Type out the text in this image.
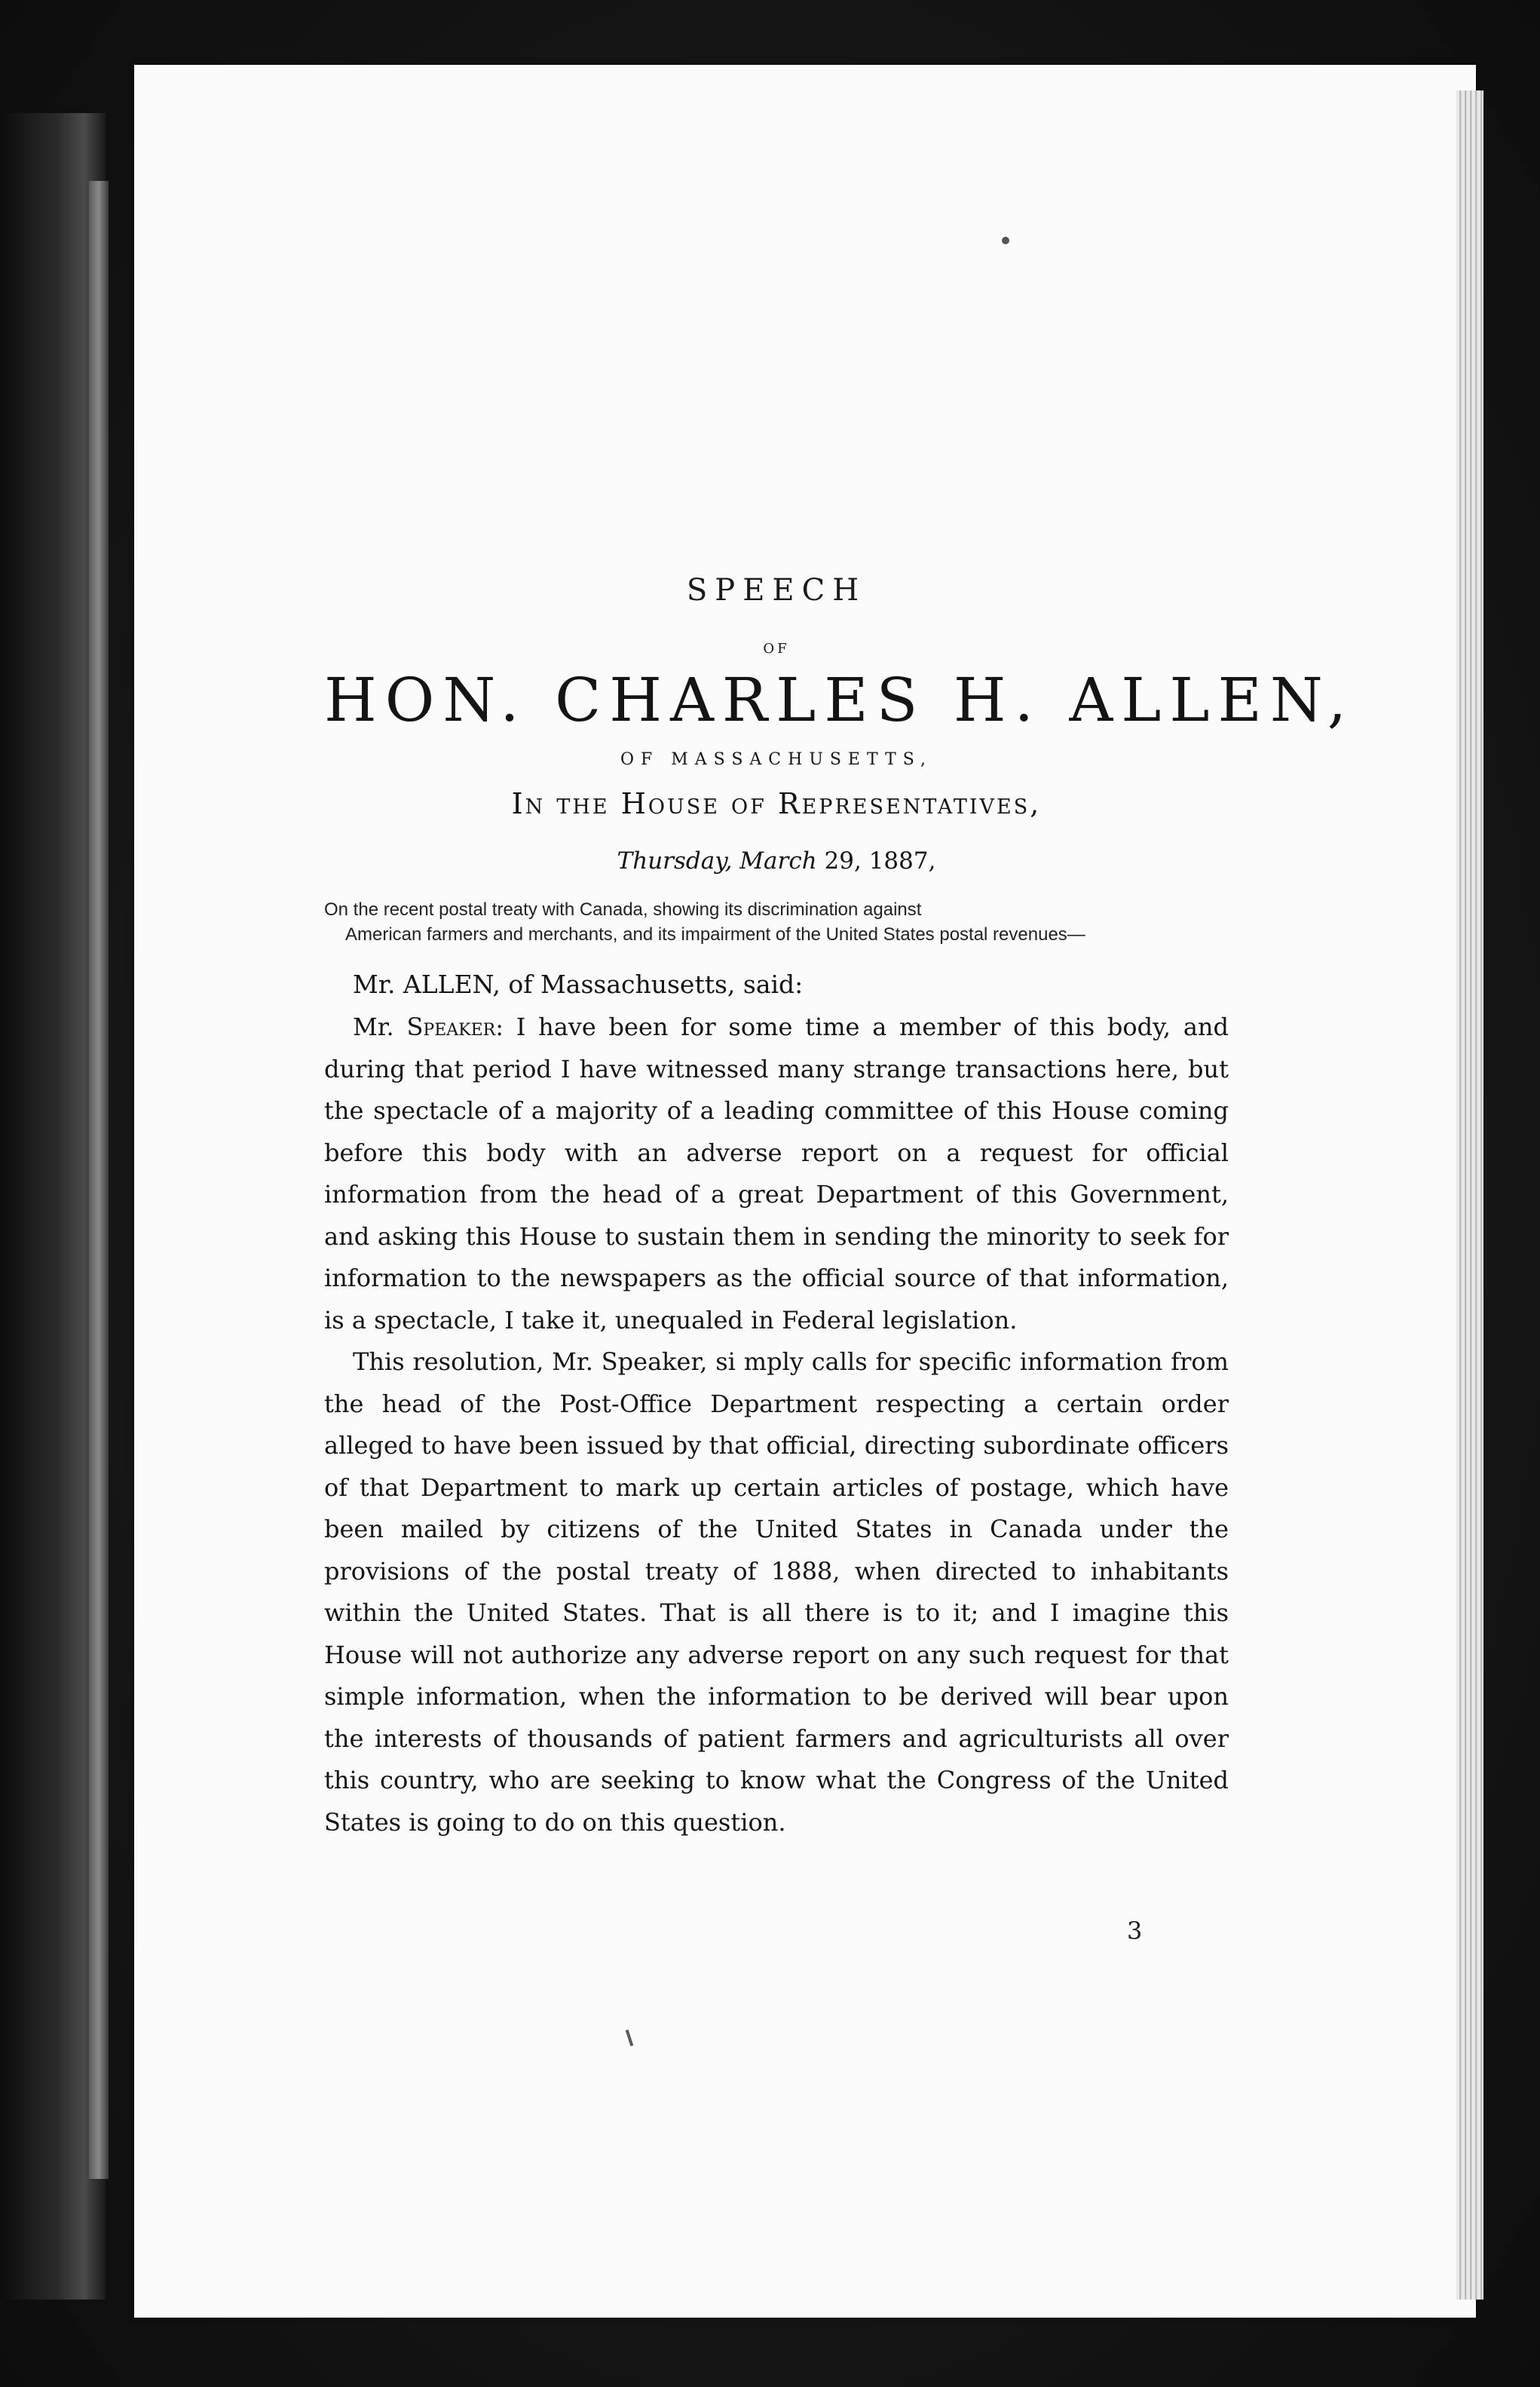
SPEECH
OF
HON. CHARLES H. ALLEN,
OF MASSACHUSETTS,
In the House of Representatives,
Thursday, March 29, 1887,
On the recent postal treaty with Canada, showing its discrimination against
American farmers and merchants, and its impairment of the United States postal revenues—
Mr. ALLEN, of Massachusetts, said:

Mr. Speaker: I have been for some time a member of this body, and during that period I have witnessed many strange transactions here, but the spectacle of a majority of a leading committee of this House coming before this body with an adverse report on a request for official information from the head of a great Department of this Government, and asking this House to sustain them in sending the minority to seek for information to the newspapers as the official source of that information, is a spectacle, I take it, unequaled in Federal legislation.

This resolution, Mr. Speaker, si mply calls for specific information from the head of the Post-Office Department respecting a certain order alleged to have been issued by that official, directing subordinate officers of that Department to mark up certain articles of postage, which have been mailed by citizens of the United States in Canada under the provisions of the postal treaty of 1888, when directed to inhabitants within the United States. That is all there is to it; and I imagine this House will not authorize any adverse report on any such request for that simple information, when the information to be derived will bear upon the interests of thousands of patient farmers and agriculturists all over this country, who are seeking to know what the Congress of the United States is going to do on this question.

3
